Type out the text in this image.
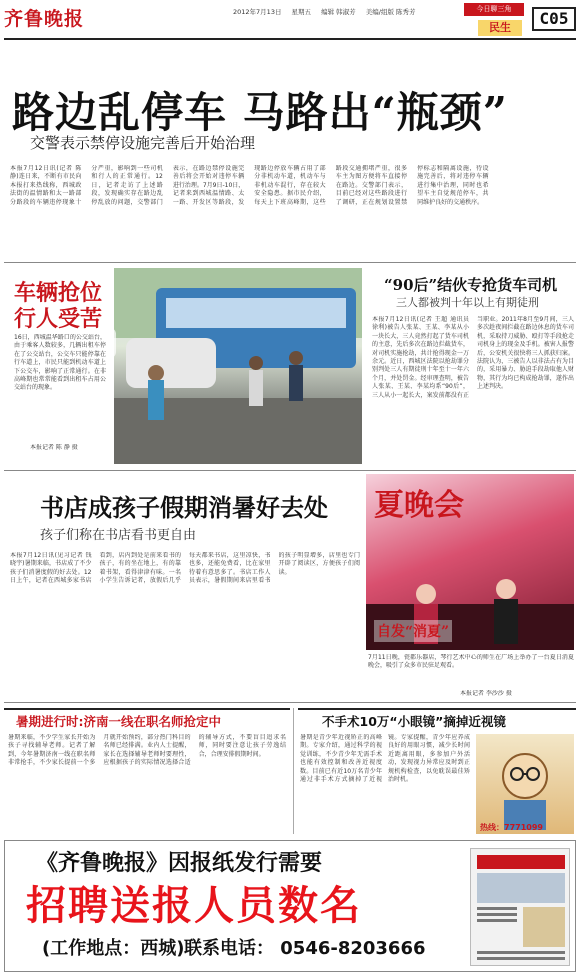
齐鲁晚报	2012年7月13日 星期五 编辑 韩淑芳 美编/组版 陈秀芳	今日聊三角
民生	C05
路边乱停车 马路出“瓶颈”
交警表示禁停设施完善后开始治理
本报7月12日讯(记者 陈 静)连日来，不断有市民向本报打来热线称，西城政法街的温情路和太一路部分路段的车辆违停现象十分严重，影响到一些司机和行人的正常通行。12日，记者走访了上述路段，发现确实存在路边乱停乱放的问题，交警部门表示，在路边禁停设施完善后将会开始对违停车辆进行治理。7月9日-10日，记者来到西城温情路、太一路、开发区等路段，发现路边停放车辆占用了部分非机动车道，机动车与非机动车混行，存在较大安全隐患。据市民介绍，每天上下班高峰期，这些路段交通拥堵严重，很多车主为图方便将车直接停在路边。交警部门表示，目前已经对这些路段进行了调研，正在规划设置禁停标志和隔离设施，待设施完善后，将对违停车辆进行集中治理，同时也希望车主自觉规范停车，共同维护良好的交通秩序。
车辆抢位
行人受苦
16日，西城温华路口的公交站台，由于乘客人数较多，几辆出租车停在了公交站台，公交车只能停靠在行车道上，市民只能到机动车道上下公交车，影响了正常通行。在非高峰期也常常能看到出租车占用公交站台的现象。
本报记者 陈 静 摄
“90后”结伙专抢货车司机
三人都被判十年以上有期徒刑
本报7月12日讯(记者 王超 通讯员 徐利)被告人张某、王某、李某从小一块长大，三人竟然打起了货车司机的主意，先后多次在路边拦截货车，对司机实施抢劫，共计抢得现金一万余元。近日，西城区法院以抢劫罪分别判处三人有期徒刑十年至十一年六个月，并处罚金。经审理查明，被告人张某、王某、李某均系“90后”，三人从小一起长大，案发前都没有正当职业。2011年8月至9月间，三人多次趁夜间拦截在路边休息的货车司机，采取持刀威胁、殴打等手段抢走司机身上的现金及手机。被害人报警后，公安机关很快将三人抓获归案。法院认为，三被告人以非法占有为目的，采用暴力、胁迫手段劫取他人财物，其行为均已构成抢劫罪，遂作出上述判决。
书店成孩子假期消暑好去处
孩子们称在书店看书更自由
本报7月12日讯(见习记者 钱晓宇)暑期来临，书店成了不少孩子们消暑度假的好去处。12日上午，记者在西城多家书店看到，店内到处是前来看书的孩子，有的坐在地上，有的靠着书架，看得津津有味。一名小学生告诉记者，放假后几乎每天都来书店，这里凉快，书也多，还能免费看，比在家里待着有意思多了。书店工作人员表示，暑假期间来店里看书的孩子明显增多，店里也专门开辟了阅读区，方便孩子们阅读。
夏晚会
自发“消夏”
7月11日晚，瓷都乐器店，琴行艺术中心的师生在广场上举办了一台夏日消夏晚会，吸引了众多市民驻足观看。
本报记者 李沙沙 摄
暑期进行时:济南一线在职名师抢定中
暑期来临，不少学生家长开始为孩子寻找辅导老师。记者了解到，今年暑期济南一线在职名师非常抢手，不少家长提前一个多月就开始预约，部分热门科目的名师已经排满。业内人士提醒，家长在选择辅导老师时要理性，应根据孩子的实际情况选择合适的辅导方式，不要盲目追求名师，同时要注意让孩子劳逸结合，合理安排假期时间。
不手术10万“小眼镜”摘掉近视镜
暑期是青少年近视矫正的高峰期。专家介绍，通过科学的视觉训练，不少青少年无需手术也能有效控制和改善近视度数。目前已有近10万名青少年通过非手术方式摘掉了近视镜。专家提醒，青少年应养成良好的用眼习惯，减少长时间近距离用眼，多参加户外活动，发现视力异常应及时到正规机构检查，以免耽误最佳矫治时机。
热线：7771099
《齐鲁晚报》因报纸发行需要
招聘送报人员数名
(工作地点：西城) 联系电话： 0546-8203666
